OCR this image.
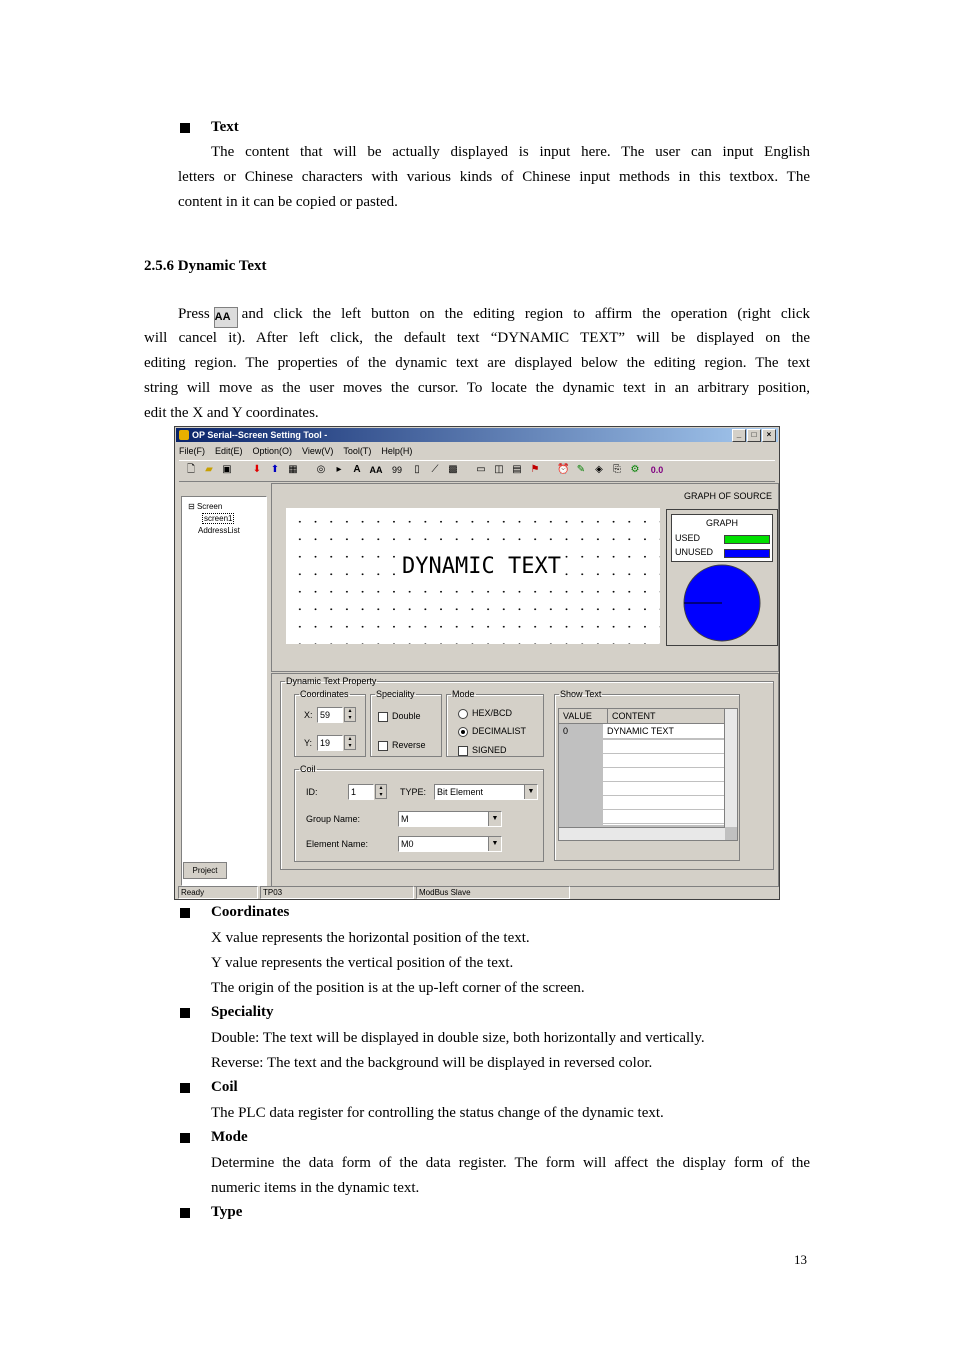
Text
The content that will be actually displayed is input here. The user can input English
letters or Chinese characters with various kinds of Chinese input methods in this textbox. The
content in it can be copied or pasted.
2.5.6 Dynamic Text
Press AA and click the left button on the editing region to affirm the operation (right click
will cancel it). After left click, the default text “DYNAMIC TEXT” will be displayed on the
editing region. The properties of the dynamic text are displayed below the editing region. The text
string will move as the user moves the cursor. To locate the dynamic text in an arbitrary position,
edit the X and Y coordinates.
OP Serial--Screen Setting Tool -	_	□	×
File(F) Edit(E) Option(O) View(V) Tool(T) Help(H)
🗋 ▰ ▣ ⬇ ⬆ ▦ ◎	▸	A AA	99	▯	⟋ ▩	▭ ◫ ▤ ⚑ ⏰ ✎ ◈ ⎘ ⚙	0.0
⊟ Screen
screen1
AddressList
Project
GRAPH OF SOURCE
DYNAMIC TEXT
GRAPH
USED
UNUSED
Dynamic Text Property
Coordinates
X: 59	▴
▾
Y: 19	▴
▾
Speciality
Double
Reverse
Mode
HEX/BCD
DECIMALIST
SIGNED
Coil
ID:	1	▴
▾	TYPE:	Bit Element	▼
Group Name:	M	▼
Element Name:	M0	▼
Show Text
VALUE	CONTENT
0	DYNAMIC TEXT
Ready	TP03	ModBus Slave
Coordinates
X value represents the horizontal position of the text.
Y value represents the vertical position of the text.
The origin of the position is at the up-left corner of the screen.
Speciality
Double: The text will be displayed in double size, both horizontally and vertically.
Reverse: The text and the background will be displayed in reversed color.
Coil
The PLC data register for controlling the status change of the dynamic text.
Mode
Determine the data form of the data register. The form will affect the display form of the
numeric items in the dynamic text.
Type
13
